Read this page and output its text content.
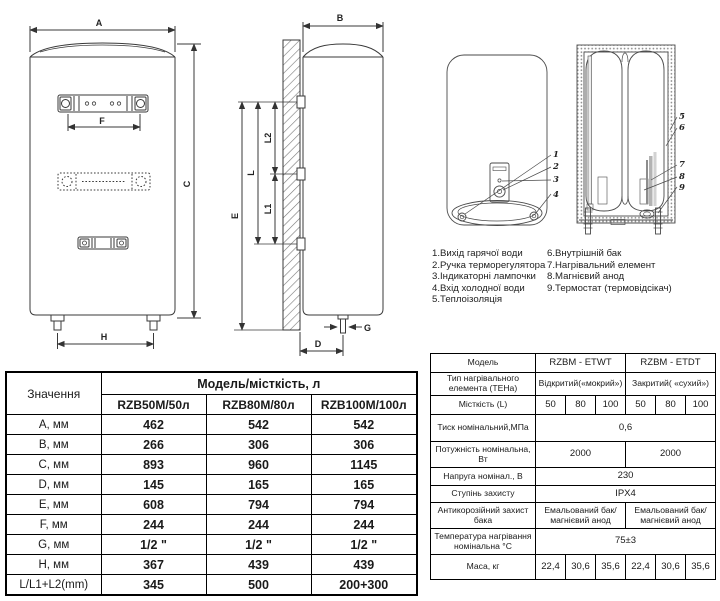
A
F
H
C
B
E
L
L2
L1
G
D
1
2
3
4
5
6
7
8
9
1.Вихід гарячої води
2.Ручка терморегулятора
3.Індикаторні лампочки
4.Вхід холодної води
5.Теплоізоляція
6.Внутрішній бак
7.Нагрівальний елемент
8.Магнієвий анод
9.Термостат (термовідсікач)
Значення	Модель/місткість, л		
	RZB50M/50л	RZB80M/80л	RZB100M/100л
А, мм	462	542	542
В, мм	266	306	306
С, мм	893	960	1145
D, мм	145	165	165
Е, мм	608	794	794
F, мм	244	244	244
G, мм	1/2 "	1/2 "	1/2 "
Н, мм	367	439	439
L/L1+L2(mm)	345	500	200+300
Модель	RZBM - ETWT			RZBM - ETDT		
Тип нагрівального елемента (ТЕНа)	Відкритий(«мокрий»)			Закритий( «сухий»)		
Місткість (L)	50	80	100	50	80	100
Тиск номінальний,МПа	0,6					
Потужність номінальна, Вт	2000			2000		
Напруга номінал., В	230					
Ступінь захисту	IPX4					
Антикорозійний захист бака	Емальований бак/ магнієвий анод			Емальований бак/ магнієвий анод		
Температура нагрівання номінальна °С	75±3					
Маса, кг	22,4	30,6	35,6	22,4	30,6	35,6
